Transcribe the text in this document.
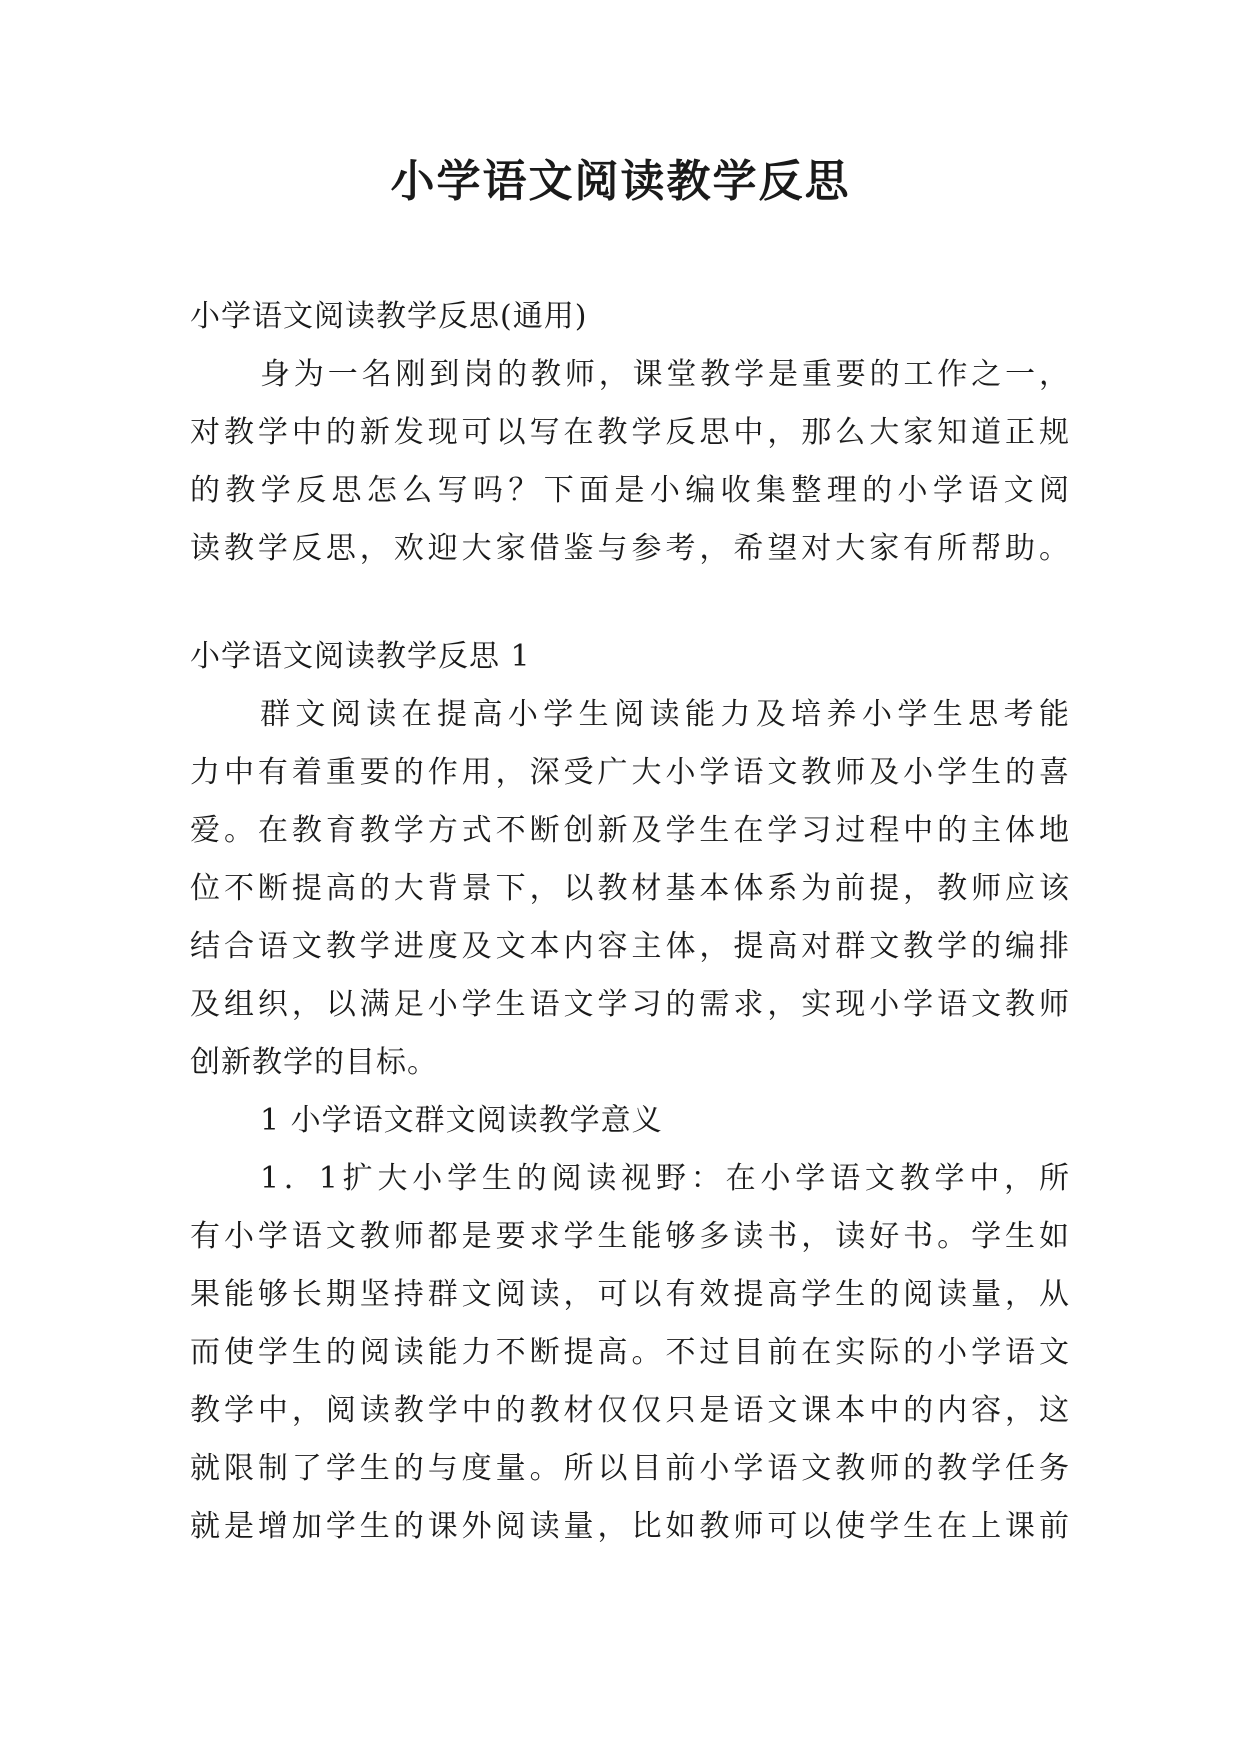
小学语文阅读教学反思
小学语文阅读教学反思(通用)
身为一名刚到岗的教师，课堂教学是重要的工作之一，
对教学中的新发现可以写在教学反思中，那么大家知道正规
的教学反思怎么写吗？下面是小编收集整理的小学语文阅
读教学反思，欢迎大家借鉴与参考，希望对大家有所帮助。
小学语文阅读教学反思 1
群文阅读在提高小学生阅读能力及培养小学生思考能
力中有着重要的作用，深受广大小学语文教师及小学生的喜
爱。在教育教学方式不断创新及学生在学习过程中的主体地
位不断提高的大背景下，以教材基本体系为前提，教师应该
结合语文教学进度及文本内容主体，提高对群文教学的编排
及组织，以满足小学生语文学习的需求，实现小学语文教师
创新教学的目标。
1 小学语文群文阅读教学意义
1．1扩大小学生的阅读视野：在小学语文教学中，所
有小学语文教师都是要求学生能够多读书，读好书。学生如
果能够长期坚持群文阅读，可以有效提高学生的阅读量，从
而使学生的阅读能力不断提高。不过目前在实际的小学语文
教学中，阅读教学中的教材仅仅只是语文课本中的内容，这
就限制了学生的与度量。所以目前小学语文教师的教学任务
就是增加学生的课外阅读量，比如教师可以使学生在上课前
